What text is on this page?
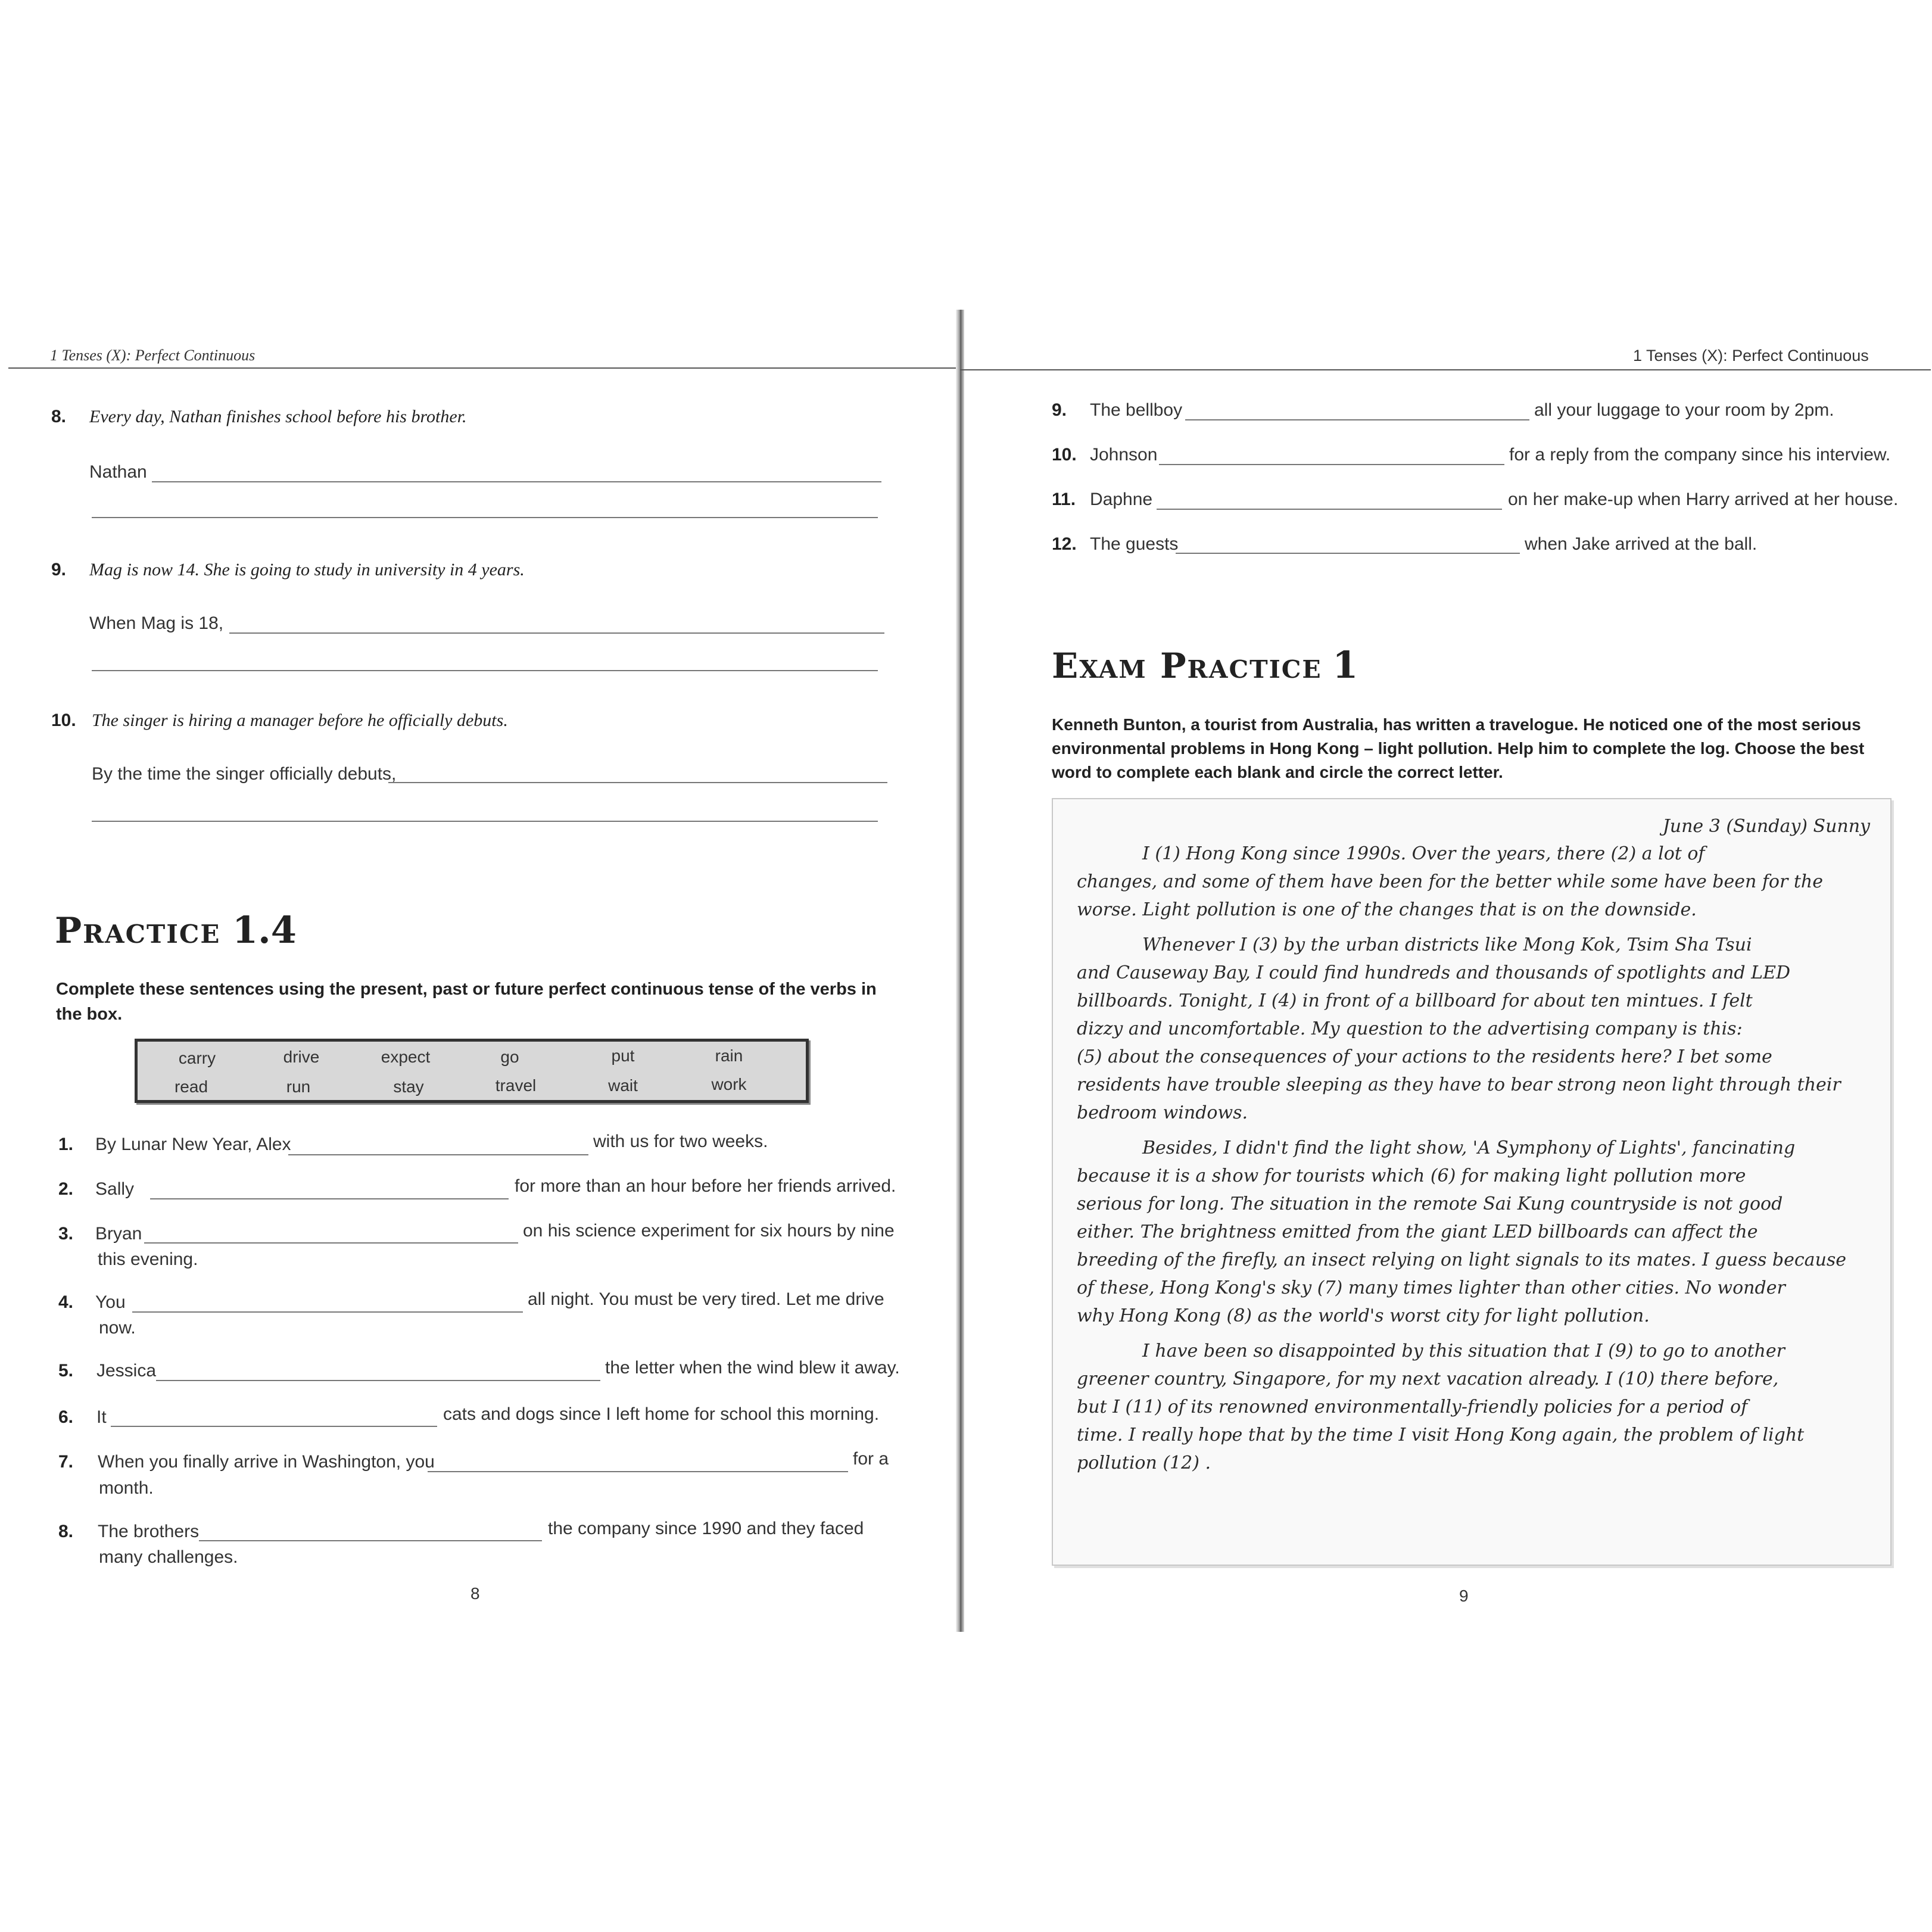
1 Tenses (X): Perfect Continuous
8. Every day, Nathan finishes school before his brother.
Nathan
9. Mag is now 14. She is going to study in university in 4 years.
When Mag is 18,
10. The singer is hiring a manager before he officially debuts.
By the time the singer officially debuts,
Practice 1.4
Complete these sentences using the present, past or future perfect continuous tense of the verbs in the box.
carry	drive	expect	go	put	rain
read	run	stay	travel	wait	work
1. By Lunar New Year, Alex	with us for two weeks.
2. Sally	for more than an hour before her friends arrived.
3. Bryan	on his science experiment for six hours by nine
this evening.
4. You	all night. You must be very tired. Let me drive
now.
5. Jessica	the letter when the wind blew it away.
6. It	cats and dogs since I left home for school this morning.
7. When you finally arrive in Washington, you	for a
month.
8. The brothers	the company since 1990 and they faced
many challenges.
8
1 Tenses (X): Perfect Continuous
9. The bellboy	all your luggage to your room by 2pm.
10. Johnson	for a reply from the company since his interview.
11. Daphne	on her make-up when Harry arrived at her house.
12. The guests	when Jake arrived at the ball.
Exam Practice 1
Kenneth Bunton, a tourist from Australia, has written a travelogue. He noticed one of the most serious environmental problems in Hong Kong – light pollution. Help him to complete the log. Choose the best word to complete each blank and circle the correct letter.
June 3 (Sunday) Sunny
I (1) Hong Kong since 1990s. Over the years, there (2) a lot of
changes, and some of them have been for the better while some have been for the
worse. Light pollution is one of the changes that is on the downside.
Whenever I (3) by the urban districts like Mong Kok, Tsim Sha Tsui
and Causeway Bay, I could find hundreds and thousands of spotlights and LED
billboards. Tonight, I (4) in front of a billboard for about ten mintues. I felt
dizzy and uncomfortable. My question to the advertising company is this:
(5) about the consequences of your actions to the residents here? I bet some
residents have trouble sleeping as they have to bear strong neon light through their
bedroom windows.
Besides, I didn't find the light show, 'A Symphony of Lights', fancinating
because it is a show for tourists which (6) for making light pollution more
serious for long. The situation in the remote Sai Kung countryside is not good
either. The brightness emitted from the giant LED billboards can affect the
breeding of the firefly, an insect relying on light signals to its mates. I guess because
of these, Hong Kong's sky (7) many times lighter than other cities. No wonder
why Hong Kong (8) as the world's worst city for light pollution.
I have been so disappointed by this situation that I (9) to go to another
greener country, Singapore, for my next vacation already. I (10) there before,
but I (11) of its renowned environmentally-friendly policies for a period of
time. I really hope that by the time I visit Hong Kong again, the problem of light
pollution (12) .
9
